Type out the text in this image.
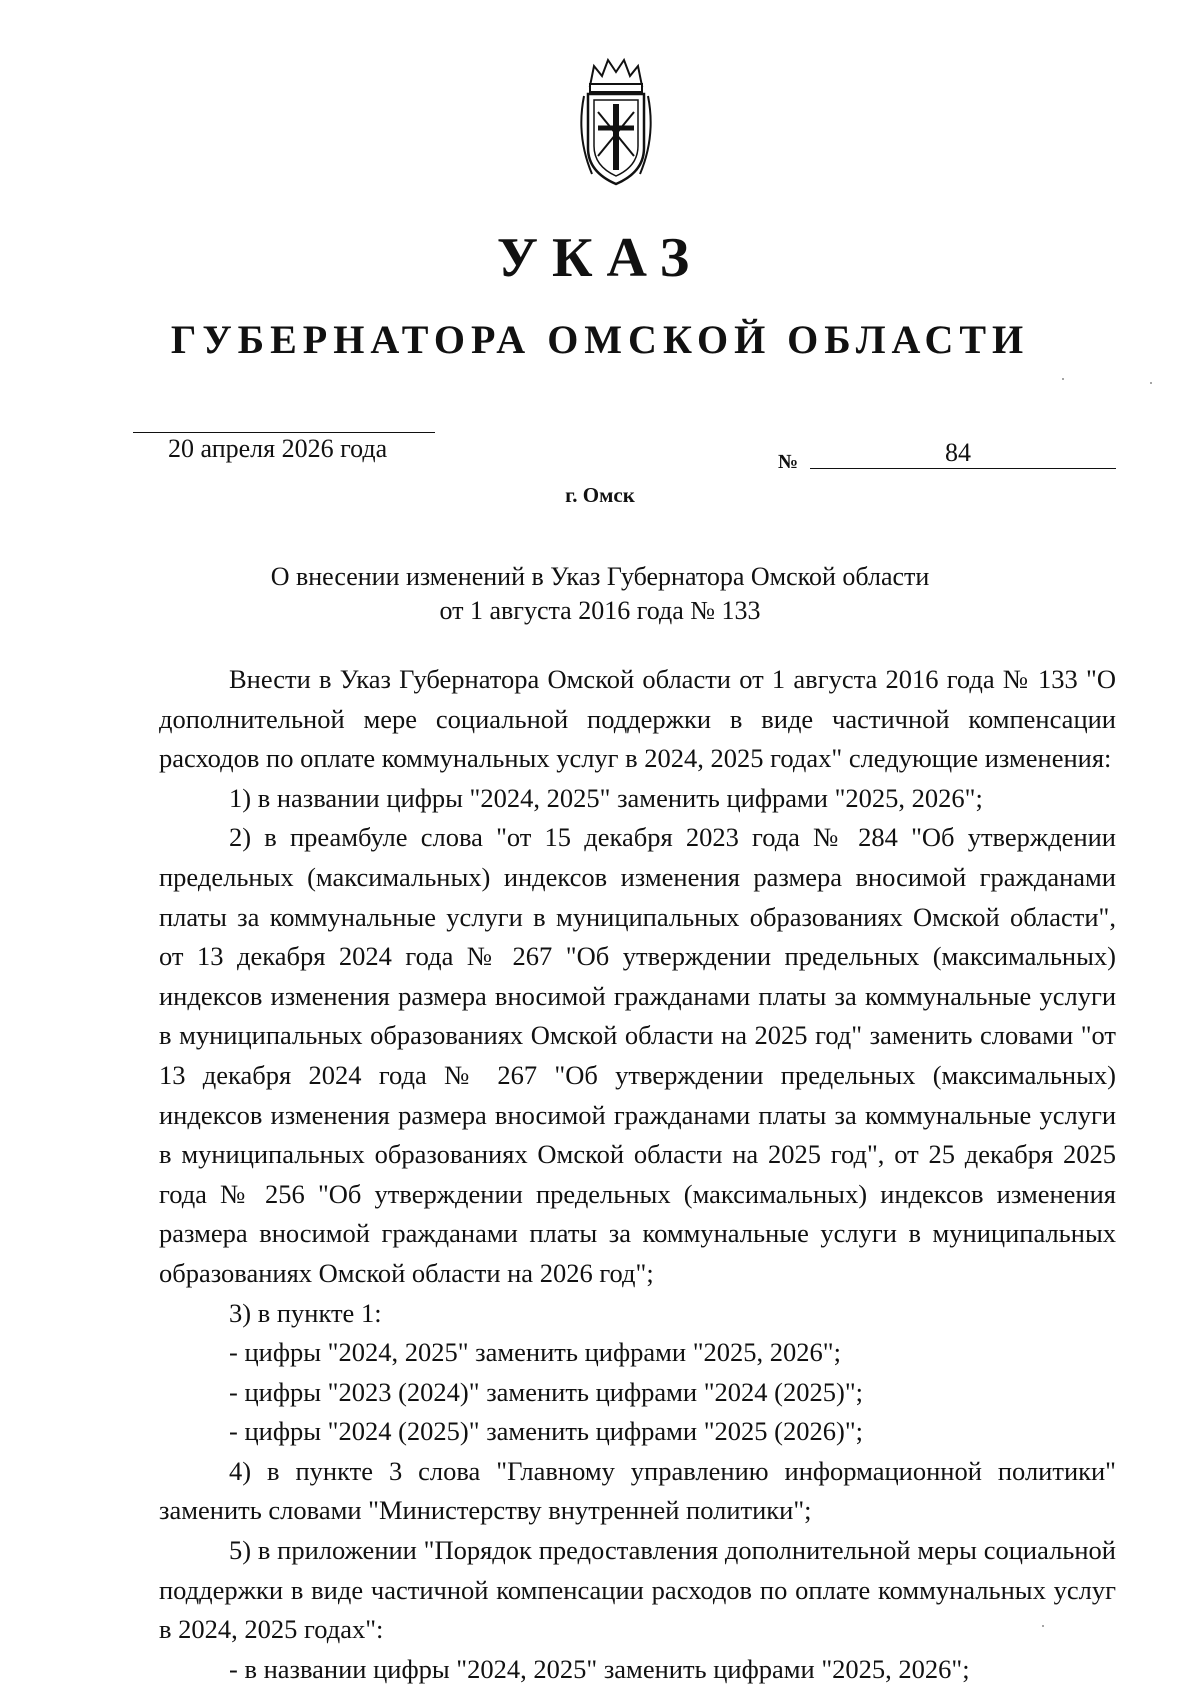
УКАЗ
ГУБЕРНАТОРА ОМСКОЙ ОБЛАСТИ
20 апреля 2026 года	№	84
г. Омск
О внесении изменений в Указ Губернатора Омской области
от 1 августа 2016 года № 133

Внести в Указ Губернатора Омской области от 1 августа 2016 года № 133 "О дополнительной мере социальной поддержки в виде частичной компенсации расходов по оплате коммунальных услуг в 2024, 2025 годах" следующие изменения:

1) в названии цифры "2024, 2025" заменить цифрами "2025, 2026";

2) в преамбуле слова "от 15 декабря 2023 года № 284 "Об утверждении предельных (максимальных) индексов изменения размера вносимой гражданами платы за коммунальные услуги в муниципальных образованиях Омской области", от 13 декабря 2024 года № 267 "Об утверждении предельных (максимальных) индексов изменения размера вносимой гражданами платы за коммунальные услуги в муниципальных образованиях Омской области на 2025 год" заменить словами "от 13 декабря 2024 года № 267 "Об утверждении предельных (максимальных) индексов изменения размера вносимой гражданами платы за коммунальные услуги в муниципальных образованиях Омской области на 2025 год", от 25 декабря 2025 года № 256 "Об утверждении предельных (максимальных) индексов изменения размера вносимой гражданами платы за коммунальные услуги в муниципальных образованиях Омской области на 2026 год";

3) в пункте 1:

- цифры "2024, 2025" заменить цифрами "2025, 2026";

- цифры "2023 (2024)" заменить цифрами "2024 (2025)";

- цифры "2024 (2025)" заменить цифрами "2025 (2026)";

4) в пункте 3 слова "Главному управлению информационной политики" заменить словами "Министерству внутренней политики";

5) в приложении "Порядок предоставления дополнительной меры социальной поддержки в виде частичной компенсации расходов по оплате коммунальных услуг в 2024, 2025 годах":

- в названии цифры "2024, 2025" заменить цифрами "2025, 2026";
